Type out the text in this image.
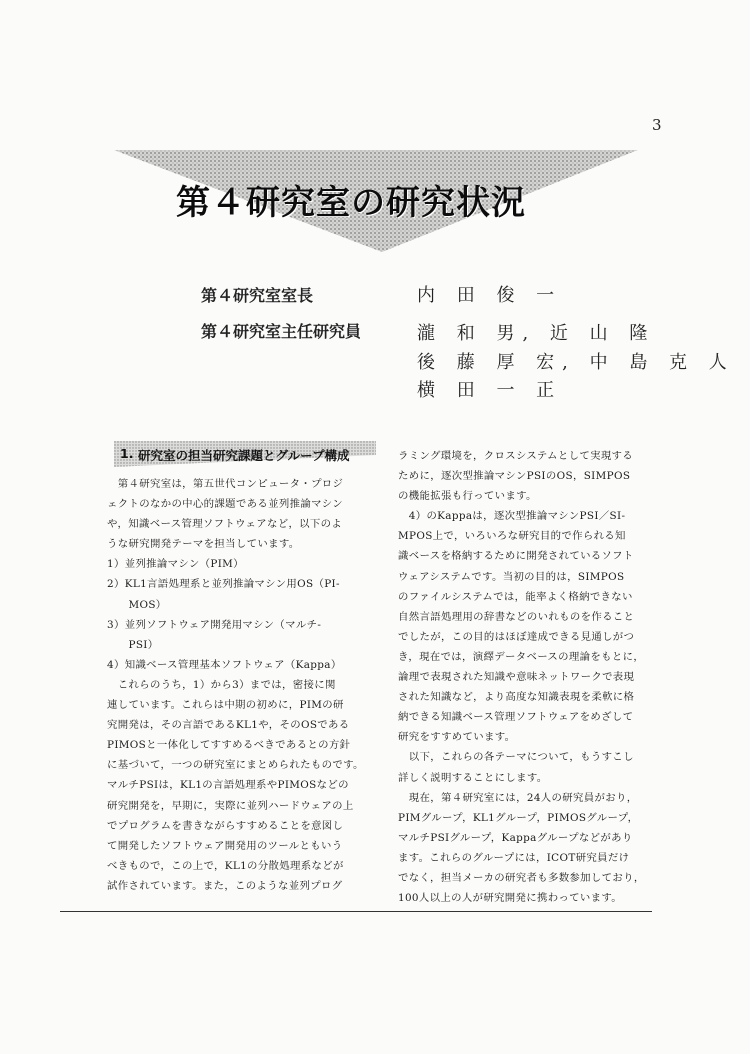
3
第４研究室の研究状況
第４研究室室長	内 田 俊 一
第４研究室主任研究員	瀧 和 男, 近 山 隆
後 藤 厚 宏, 中 島 克 人
横 田 一 正
1. 研究室の担当研究課題とグループ構成

　第４研究室は，第五世代コンピュータ・プロジ

ェクトのなかの中心的課題である並列推論マシン

や，知識ベース管理ソフトウェアなど，以下のよ

うな研究開発テーマを担当しています。

1）並列推論マシン（PIM）

2）KL1言語処理系と並列推論マシン用OS（PI-

　　MOS）

3）並列ソフトウェア開発用マシン（マルチ-

　　PSI）

4）知識ベース管理基本ソフトウェア（Kappa）

　これらのうち，1）から3）までは，密接に関

連しています。これらは中期の初めに，PIMの研

究開発は，その言語であるKL1や，そのOSである

PIMOSと一体化してすすめるべきであるとの方針

に基づいて，一つの研究室にまとめられたものです。

マルチPSIは，KL1の言語処理系やPIMOSなどの

研究開発を，早期に，実際に並列ハードウェアの上

でプログラムを書きながらすすめることを意図し

て開発したソフトウェア開発用のツールともいう

べきもので，この上で，KL1の分散処理系などが

試作されています。また，このような並列プログ

ラミング環境を，クロスシステムとして実現する

ために，逐次型推論マシンPSIのOS，SIMPOS

の機能拡張も行っています。

　4）のKappaは，逐次型推論マシンPSI／SI-

MPOS上で，いろいろな研究目的で作られる知

識ベースを格納するために開発されているソフト

ウェアシステムです。当初の目的は，SIMPOS

のファイルシステムでは，能率よく格納できない

自然言語処理用の辞書などのいれものを作ること

でしたが，この目的はほぼ達成できる見通しがつ

き，現在では，演繹データベースの理論をもとに，

論理で表現された知識や意味ネットワークで表現

された知識など，より高度な知識表現を柔軟に格

納できる知識ベース管理ソフトウェアをめざして

研究をすすめています。

　以下，これらの各テーマについて，もうすこし

詳しく説明することにします。

　現在，第４研究室には，24人の研究員がおり，

PIMグループ，KL1グループ，PIMOSグループ，

マルチPSIグループ，Kappaグループなどがあり

ます。これらのグループには，ICOT研究員だけ

でなく，担当メーカの研究者も多数参加しており，

100人以上の人が研究開発に携わっています。
